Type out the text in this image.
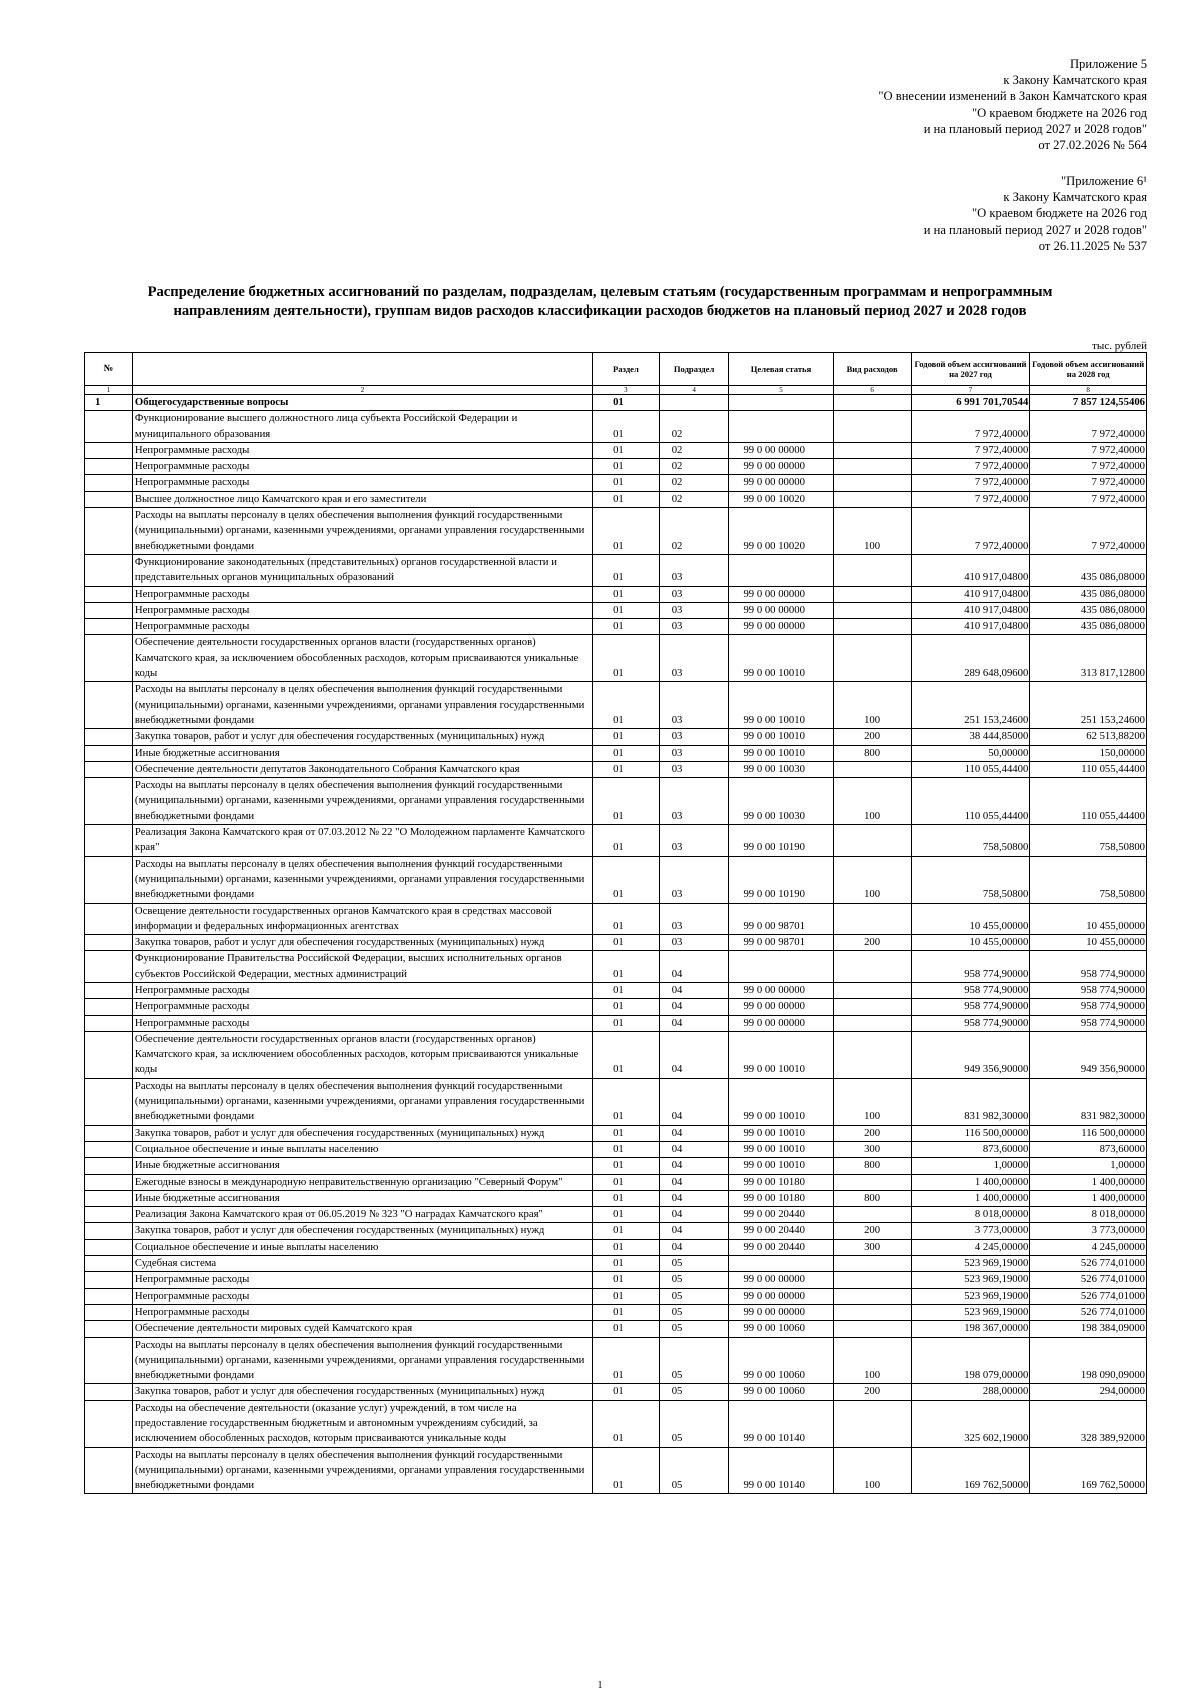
Приложение 5
к Закону Камчатского края
"О внесении изменений в Закон Камчатского края
"О краевом бюджете на 2026 год
и на плановый период 2027 и 2028 годов"
от 27.02.2026 № 564
"Приложение 6¹
к Закону Камчатского края
"О краевом бюджете на 2026 год
и на плановый период 2027 и 2028 годов"
от 26.11.2025 № 537
Распределение бюджетных ассигнований по разделам, подразделам, целевым статьям (государственным программам и непрограммным
направлениям деятельности), группам видов расходов классификации расходов бюджетов на плановый период 2027 и 2028 годов
тыс. рублей
№		Раздел	Подраздел	Целевая статья	Вид расходов	Годовой объем ассигнований на 2027 год	Годовой объем ассигнований на 2028 год
1	2	3	4	5	6	7	8
1	Общегосударственные вопросы	01				6 991 701,70544	7 857 124,55406
	Функционирование высшего должностного лица субъекта Российской Федерации и муниципального образования	01	02			7 972,40000	7 972,40000
	Непрограммные расходы	01	02	99 0 00 00000		7 972,40000	7 972,40000
	Непрограммные расходы	01	02	99 0 00 00000		7 972,40000	7 972,40000
	Непрограммные расходы	01	02	99 0 00 00000		7 972,40000	7 972,40000
	Высшее должностное лицо Камчатского края и его заместители	01	02	99 0 00 10020		7 972,40000	7 972,40000
	Расходы на выплаты персоналу в целях обеспечения выполнения функций государственными (муниципальными) органами, казенными учреждениями, органами управления государственными внебюджетными фондами	01	02	99 0 00 10020	100	7 972,40000	7 972,40000
	Функционирование законодательных (представительных) органов государственной власти и представительных органов муниципальных образований	01	03			410 917,04800	435 086,08000
	Непрограммные расходы	01	03	99 0 00 00000		410 917,04800	435 086,08000
	Непрограммные расходы	01	03	99 0 00 00000		410 917,04800	435 086,08000
	Непрограммные расходы	01	03	99 0 00 00000		410 917,04800	435 086,08000
	Обеспечение деятельности государственных органов власти (государственных органов) Камчатского края, за исключением обособленных расходов, которым присваиваются уникальные коды	01	03	99 0 00 10010		289 648,09600	313 817,12800
	Расходы на выплаты персоналу в целях обеспечения выполнения функций государственными (муниципальными) органами, казенными учреждениями, органами управления государственными внебюджетными фондами	01	03	99 0 00 10010	100	251 153,24600	251 153,24600
	Закупка товаров, работ и услуг для обеспечения государственных (муниципальных) нужд	01	03	99 0 00 10010	200	38 444,85000	62 513,88200
	Иные бюджетные ассигнования	01	03	99 0 00 10010	800	50,00000	150,00000
	Обеспечение деятельности депутатов Законодательного Собрания Камчатского края	01	03	99 0 00 10030		110 055,44400	110 055,44400
	Расходы на выплаты персоналу в целях обеспечения выполнения функций государственными (муниципальными) органами, казенными учреждениями, органами управления государственными внебюджетными фондами	01	03	99 0 00 10030	100	110 055,44400	110 055,44400
	Реализация Закона Камчатского края от 07.03.2012 № 22 "О Молодежном парламенте Камчатского края"	01	03	99 0 00 10190		758,50800	758,50800
	Расходы на выплаты персоналу в целях обеспечения выполнения функций государственными (муниципальными) органами, казенными учреждениями, органами управления государственными внебюджетными фондами	01	03	99 0 00 10190	100	758,50800	758,50800
	Освещение деятельности государственных органов Камчатского края в средствах массовой информации и федеральных информационных агентствах	01	03	99 0 00 98701		10 455,00000	10 455,00000
	Закупка товаров, работ и услуг для обеспечения государственных (муниципальных) нужд	01	03	99 0 00 98701	200	10 455,00000	10 455,00000
	Функционирование Правительства Российской Федерации, высших исполнительных органов субъектов Российской Федерации, местных администраций	01	04			958 774,90000	958 774,90000
	Непрограммные расходы	01	04	99 0 00 00000		958 774,90000	958 774,90000
	Непрограммные расходы	01	04	99 0 00 00000		958 774,90000	958 774,90000
	Непрограммные расходы	01	04	99 0 00 00000		958 774,90000	958 774,90000
	Обеспечение деятельности государственных органов власти (государственных органов) Камчатского края, за исключением обособленных расходов, которым присваиваются уникальные коды	01	04	99 0 00 10010		949 356,90000	949 356,90000
	Расходы на выплаты персоналу в целях обеспечения выполнения функций государственными (муниципальными) органами, казенными учреждениями, органами управления государственными внебюджетными фондами	01	04	99 0 00 10010	100	831 982,30000	831 982,30000
	Закупка товаров, работ и услуг для обеспечения государственных (муниципальных) нужд	01	04	99 0 00 10010	200	116 500,00000	116 500,00000
	Социальное обеспечение и иные выплаты населению	01	04	99 0 00 10010	300	873,60000	873,60000
	Иные бюджетные ассигнования	01	04	99 0 00 10010	800	1,00000	1,00000
	Ежегодные взносы в международную неправительственную организацию "Северный Форум"	01	04	99 0 00 10180		1 400,00000	1 400,00000
	Иные бюджетные ассигнования	01	04	99 0 00 10180	800	1 400,00000	1 400,00000
	Реализация Закона Камчатского края от 06.05.2019 № 323 "О наградах Камчатского края"	01	04	99 0 00 20440		8 018,00000	8 018,00000
	Закупка товаров, работ и услуг для обеспечения государственных (муниципальных) нужд	01	04	99 0 00 20440	200	3 773,00000	3 773,00000
	Социальное обеспечение и иные выплаты населению	01	04	99 0 00 20440	300	4 245,00000	4 245,00000
	Судебная система	01	05			523 969,19000	526 774,01000
	Непрограммные расходы	01	05	99 0 00 00000		523 969,19000	526 774,01000
	Непрограммные расходы	01	05	99 0 00 00000		523 969,19000	526 774,01000
	Непрограммные расходы	01	05	99 0 00 00000		523 969,19000	526 774,01000
	Обеспечение деятельности мировых судей Камчатского края	01	05	99 0 00 10060		198 367,00000	198 384,09000
	Расходы на выплаты персоналу в целях обеспечения выполнения функций государственными (муниципальными) органами, казенными учреждениями, органами управления государственными внебюджетными фондами	01	05	99 0 00 10060	100	198 079,00000	198 090,09000
	Закупка товаров, работ и услуг для обеспечения государственных (муниципальных) нужд	01	05	99 0 00 10060	200	288,00000	294,00000
	Расходы на обеспечение деятельности (оказание услуг) учреждений, в том числе на предоставление государственным бюджетным и автономным учреждениям субсидий, за исключением обособленных расходов, которым присваиваются уникальные коды	01	05	99 0 00 10140		325 602,19000	328 389,92000
	Расходы на выплаты персоналу в целях обеспечения выполнения функций государственными (муниципальными) органами, казенными учреждениями, органами управления государственными внебюджетными фондами	01	05	99 0 00 10140	100	169 762,50000	169 762,50000
1
